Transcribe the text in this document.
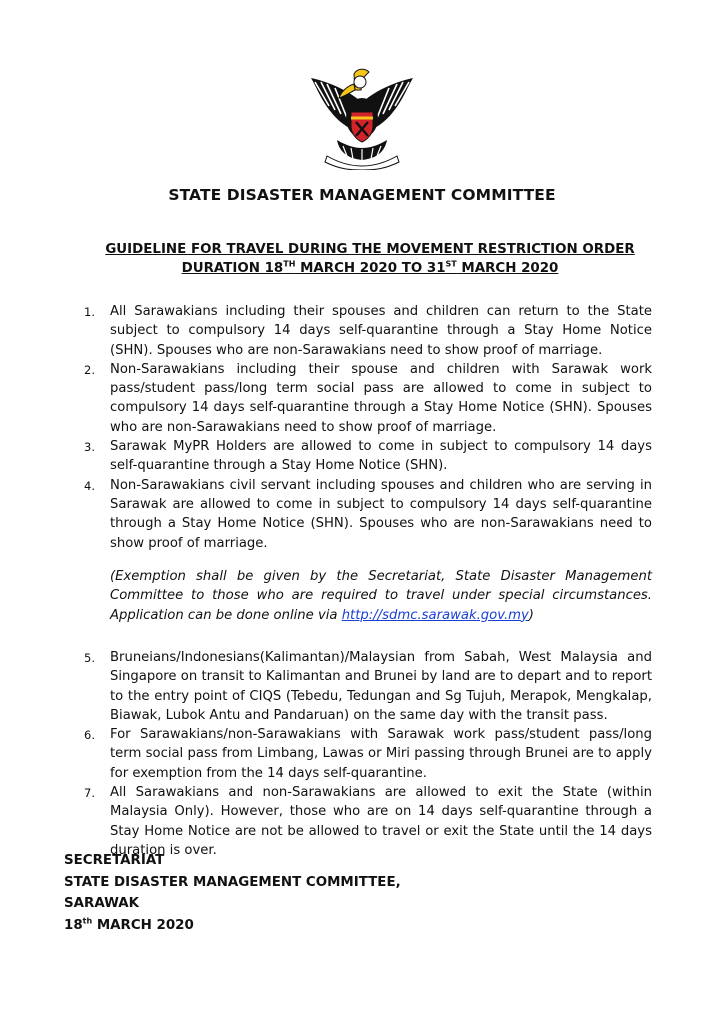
STATE DISASTER MANAGEMENT COMMITTEE
GUIDELINE FOR TRAVEL DURING THE MOVEMENT RESTRICTION ORDER
DURATION 18TH MARCH 2020 TO 31ST MARCH 2020
1. All Sarawakians including their spouses and children can return to the State subject to compulsory 14 days self-quarantine through a Stay Home Notice (SHN). Spouses who are non-Sarawakians need to show proof of marriage.
2. Non-Sarawakians including their spouse and children with Sarawak work pass/student pass/long term social pass are allowed to come in subject to compulsory 14 days self-quarantine through a Stay Home Notice (SHN). Spouses who are non-Sarawakians need to show proof of marriage.
3. Sarawak MyPR Holders are allowed to come in subject to compulsory 14 days self-quarantine through a Stay Home Notice (SHN).
4. Non-Sarawakians civil servant including spouses and children who are serving in Sarawak are allowed to come in subject to compulsory 14 days self-quarantine through a Stay Home Notice (SHN). Spouses who are non-Sarawakians need to show proof of marriage.
(Exemption shall be given by the Secretariat, State Disaster Management Committee to those who are required to travel under special circumstances. Application can be done online via http://sdmc.sarawak.gov.my)
5. Bruneians/Indonesians(Kalimantan)/Malaysian from Sabah, West Malaysia and Singapore on transit to Kalimantan and Brunei by land are to depart and to report to the entry point of CIQS (Tebedu, Tedungan and Sg Tujuh, Merapok, Mengkalap, Biawak, Lubok Antu and Pandaruan) on the same day with the transit pass.
6. For Sarawakians/non-Sarawakians with Sarawak work pass/student pass/long term social pass from Limbang, Lawas or Miri passing through Brunei are to apply for exemption from the 14 days self-quarantine.
7. All Sarawakians and non-Sarawakians are allowed to exit the State (within Malaysia Only). However, those who are on 14 days self-quarantine through a Stay Home Notice are not be allowed to travel or exit the State until the 14 days duration is over.
SECRETARIAT
STATE DISASTER MANAGEMENT COMMITTEE,
SARAWAK
18th MARCH 2020
